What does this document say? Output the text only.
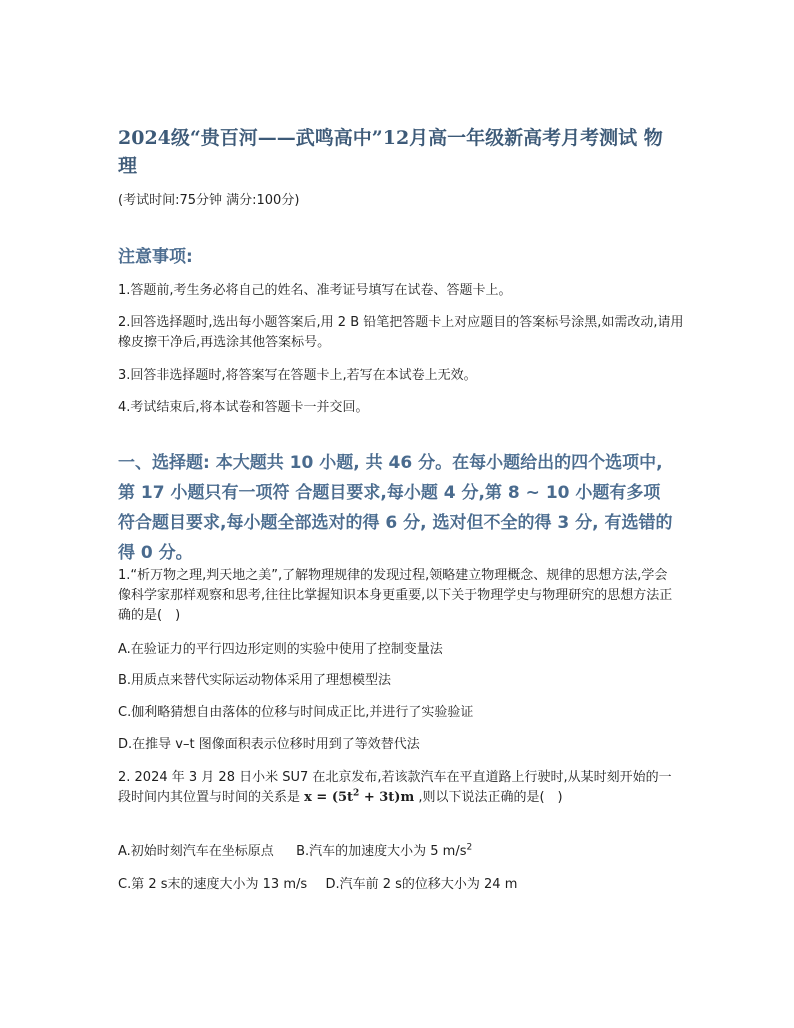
2024级“贵百河——武鸣高中”12月高一年级新高考月考测试 物 理

(考试时间:75分钟 满分:100分)

注意事项:

1.答题前,考生务必将自己的姓名、准考证号填写在试卷、答题卡上。

2.回答选择题时,选出每小题答案后,用 2 B 铅笔把答题卡上对应题目的答案标号涂黑,如需改动,请用橡皮擦干净后,再选涂其他答案标号。

3.回答非选择题时,将答案写在答题卡上,若写在本试卷上无效。

4.考试结束后,将本试卷和答题卡一并交回。

一、选择题: 本大题共 10 小题, 共 46 分。在每小题给出的四个选项中, 第 17 小题只有一项符 合题目要求,每小题 4 分,第 8 ~ 10 小题有多项符合题目要求,每小题全部选对的得 6 分, 选对但不全的得 3 分, 有选错的得 0 分。

1.“析万物之理,判天地之美”,了解物理规律的发现过程,领略建立物理概念、规律的思想方法,学会像科学家那样观察和思考,往往比掌握知识本身更重要,以下关于物理学史与物理研究的思想方法正确的是(　)

A.在验证力的平行四边形定则的实验中使用了控制变量法

B.用质点来替代实际运动物体采用了理想模型法

C.伽利略猜想自由落体的位移与时间成正比,并进行了实验验证

D.在推导 v–t 图像面积表示位移时用到了等效替代法

2. 2024 年 3 月 28 日小米 SU7 在北京发布,若该款汽车在平直道路上行驶时,从某时刻开始的一段时间内其位置与时间的关系是 $x = (5t^2 + 3t)m$ ,则以下说法正确的是(　)

A.初始时刻汽车在坐标原点 B.汽车的加速度大小为 5 $m/s^2$

C.第 2 s末的速度大小为 13 m/s D.汽车前 2 s的位移大小为 24 m
